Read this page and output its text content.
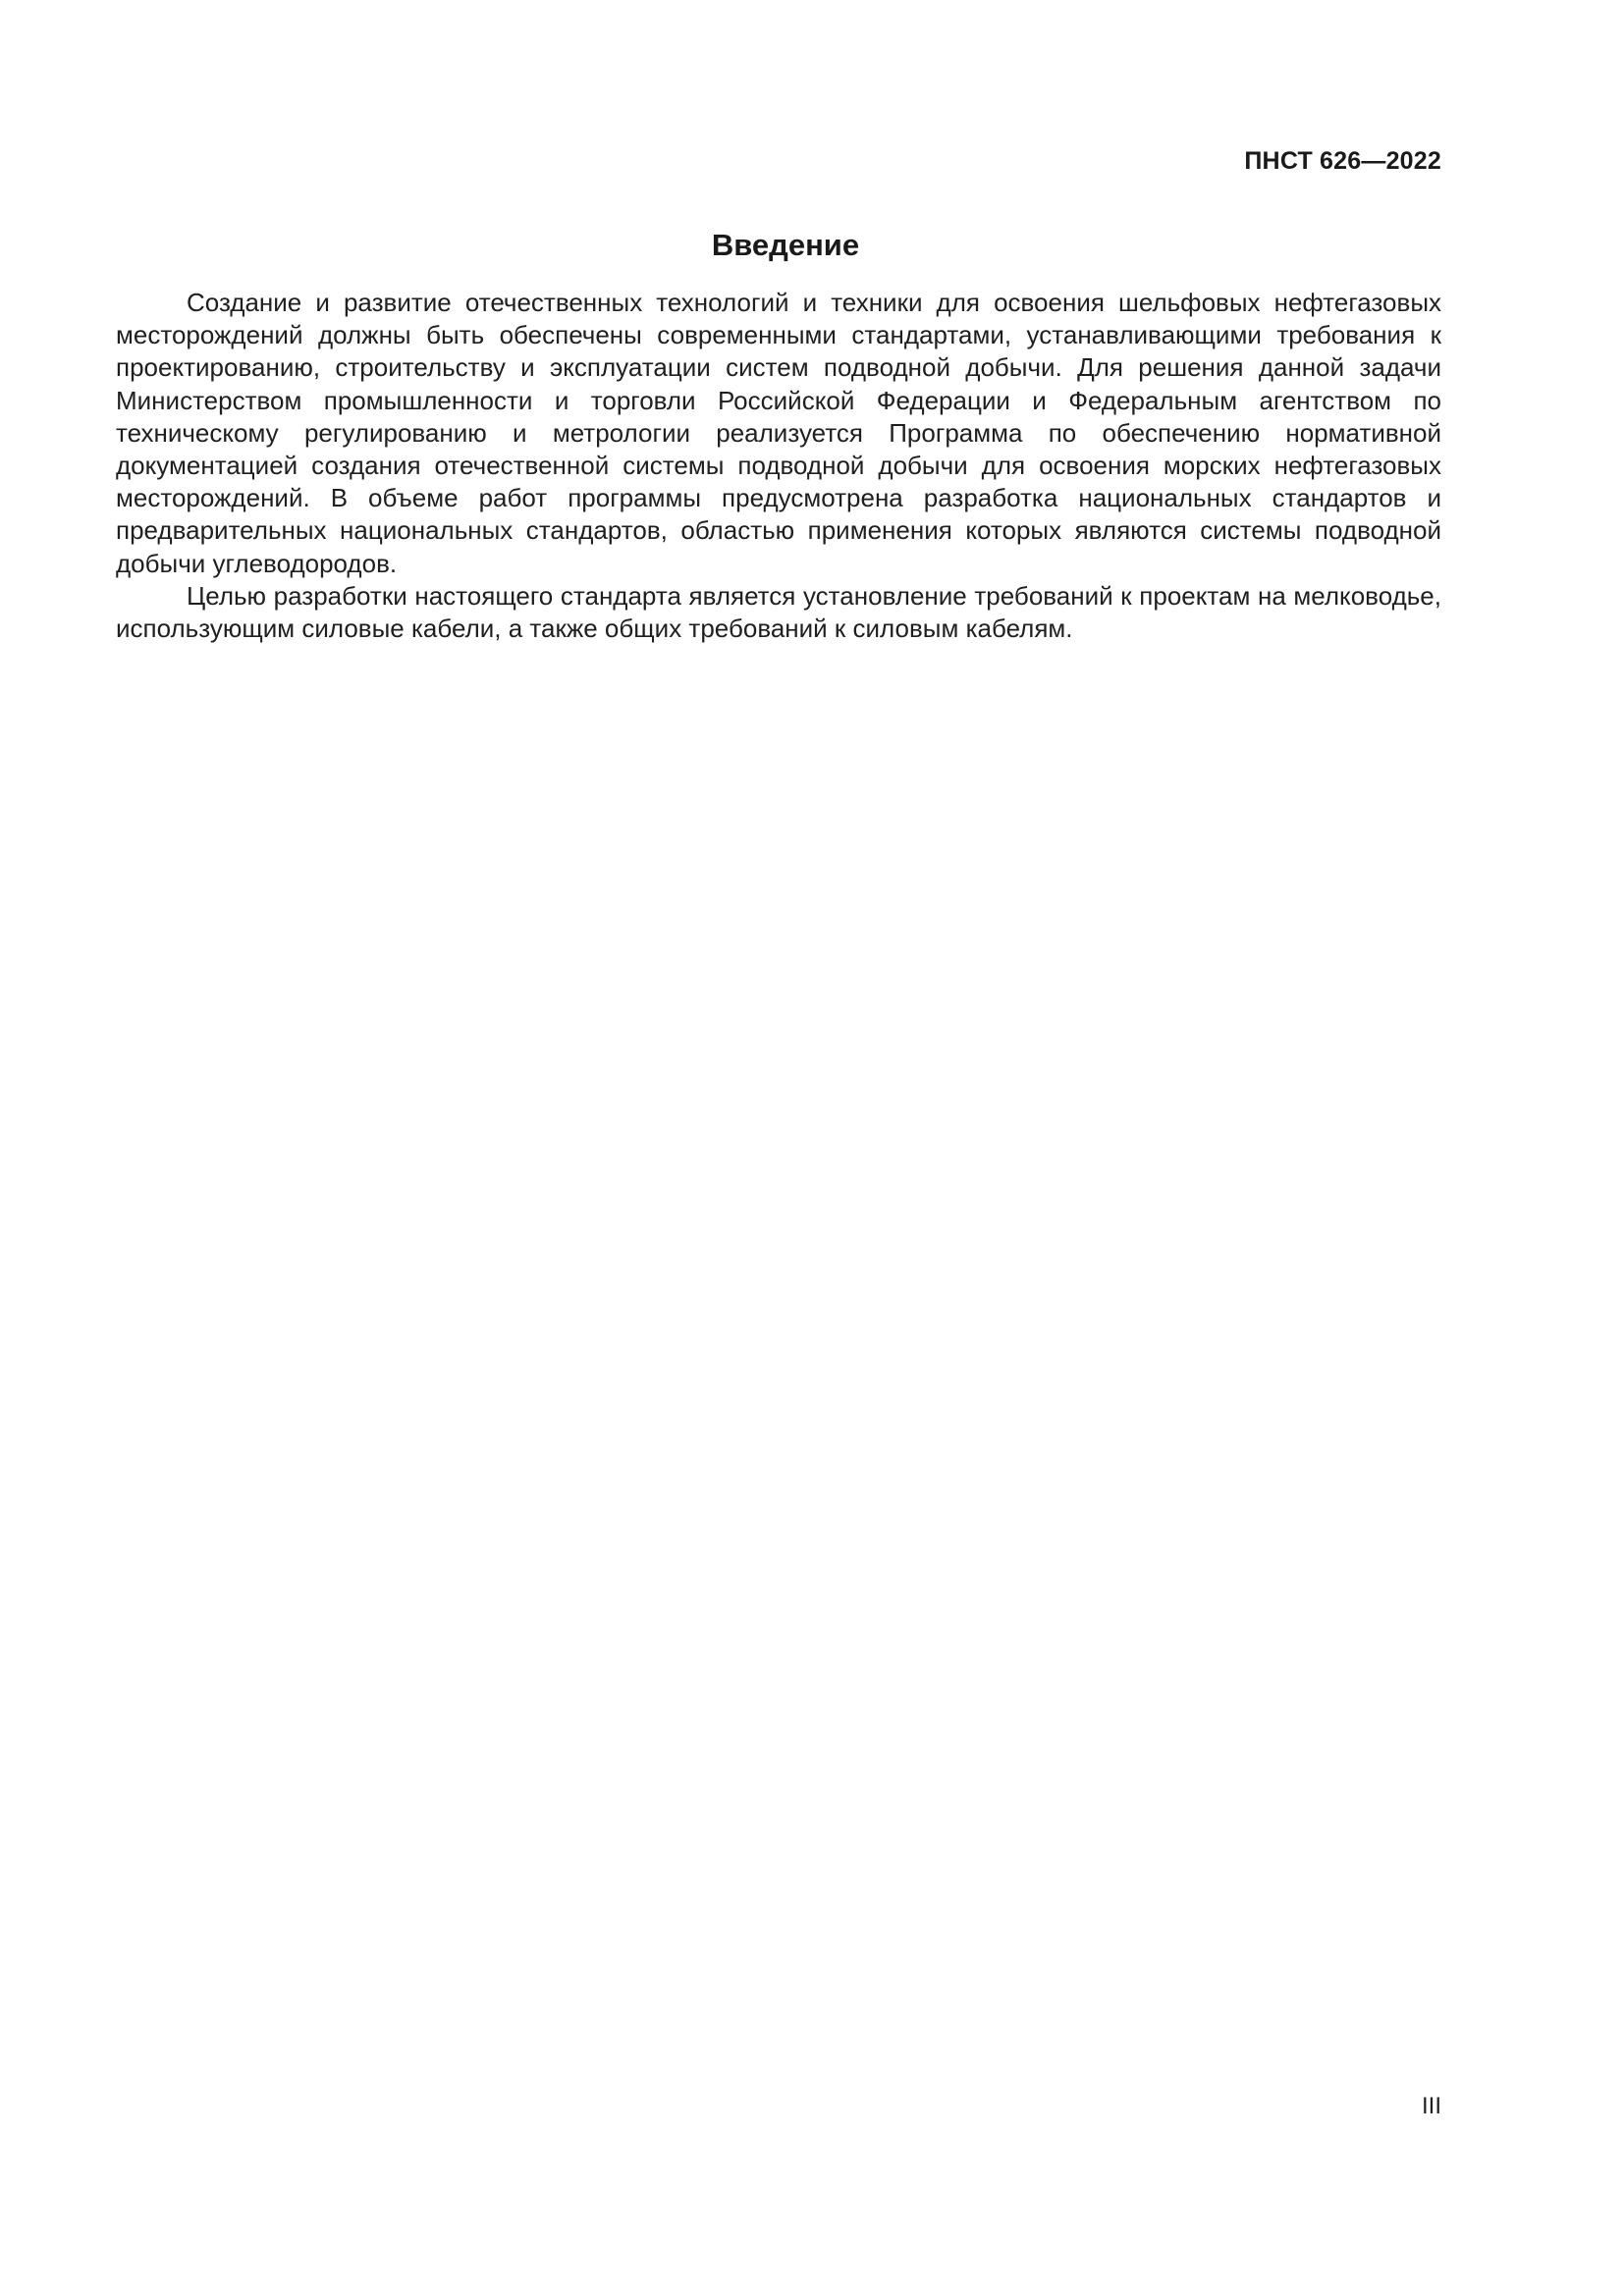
ПНСТ 626—2022
Введение

Создание и развитие отечественных технологий и техники для освоения шельфовых нефтегазовых месторождений должны быть обеспечены современными стандартами, устанавливающими требования к проектированию, строительству и эксплуатации систем подводной добычи. Для решения данной задачи Министерством промышленности и торговли Российской Федерации и Федеральным агентством по техническому регулированию и метрологии реализуется Программа по обеспечению нормативной документацией создания отечественной системы подводной добычи для освоения морских нефтегазовых месторождений. В объеме работ программы предусмотрена разработка национальных стандартов и предварительных национальных стандартов, областью применения которых являются системы подводной добычи углеводородов.

Целью разработки настоящего стандарта является установление требований к проектам на мелководье, использующим силовые кабели, а также общих требований к силовым кабелям.

III
